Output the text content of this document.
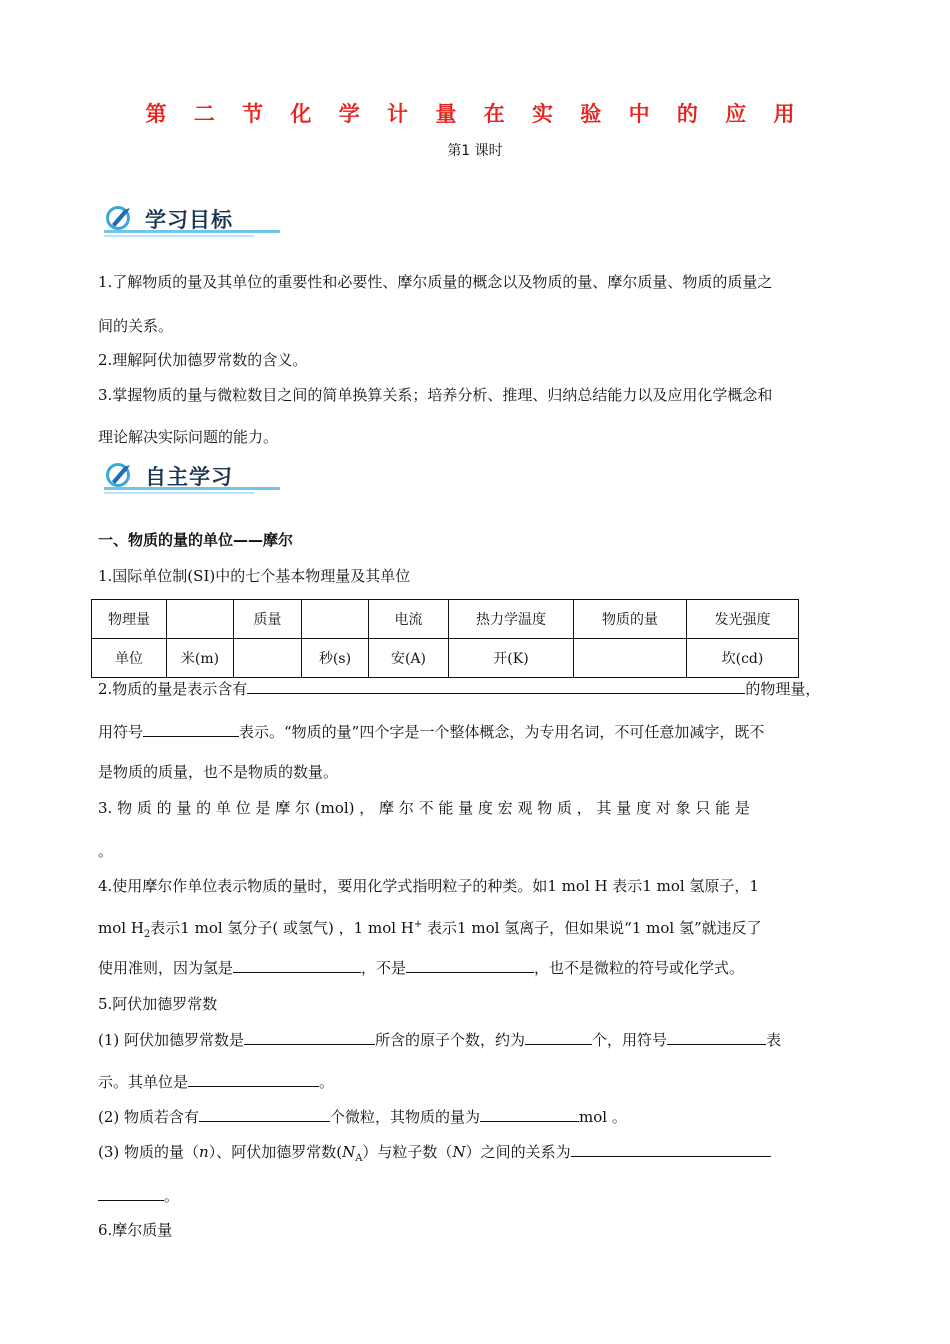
第 二 节 化 学 计 量 在 实 验 中 的 应 用
第1 课时
学习目标
1.了解物质的量及其单位的重要性和必要性、摩尔质量的概念以及物质的量、摩尔质量、物质的质量之
间的关系。
2.理解阿伏加德罗常数的含义。
3.掌握物质的量与微粒数目之间的简单换算关系；培养分析、推理、归纳总结能力以及应用化学概念和
理论解决实际问题的能力。
自主学习
一、物质的量的单位——摩尔
1.国际单位制(SI)中的七个基本物理量及其单位
物理量		质量		电流	热力学温度	物质的量	发光强度
单位	米(m)		秒(s)	安(A)	开(K)		坎(cd)
2.物质的量是表示含有	的物理量，
用符号	表示。“物质的量”四个字是一个整体概念，为专用名词，不可任意加减字，既不
是物质的质量，也不是物质的数量。
3. 物 质 的 量 的 单 位 是 摩 尔 (mol) ， 摩 尔 不 能 量 度 宏 观 物 质 ， 其 量 度 对 象 只 能 是
。
4.使用摩尔作单位表示物质的量时，要用化学式指明粒子的种类。如1 mol H 表示1 mol 氢原子，1
mol $H_2$表示1 mol 氢分子( 或氢气) ，1 mol H+ 表示1 mol 氢离子，但如果说“1 mol 氢”就违反了
使用准则，因为氢是	，不是	，也不是微粒的符号或化学式。
5.阿伏加德罗常数
(1) 阿伏加德罗常数是	所含的原子个数，约为	个，用符号	表
示。其单位是	。
(2) 物质若含有	个微粒，其物质的量为	mol 。
(3) 物质的量（n）、阿伏加德罗常数$(N_A)$与粒子数（N）之间的关系为
。
6.摩尔质量
